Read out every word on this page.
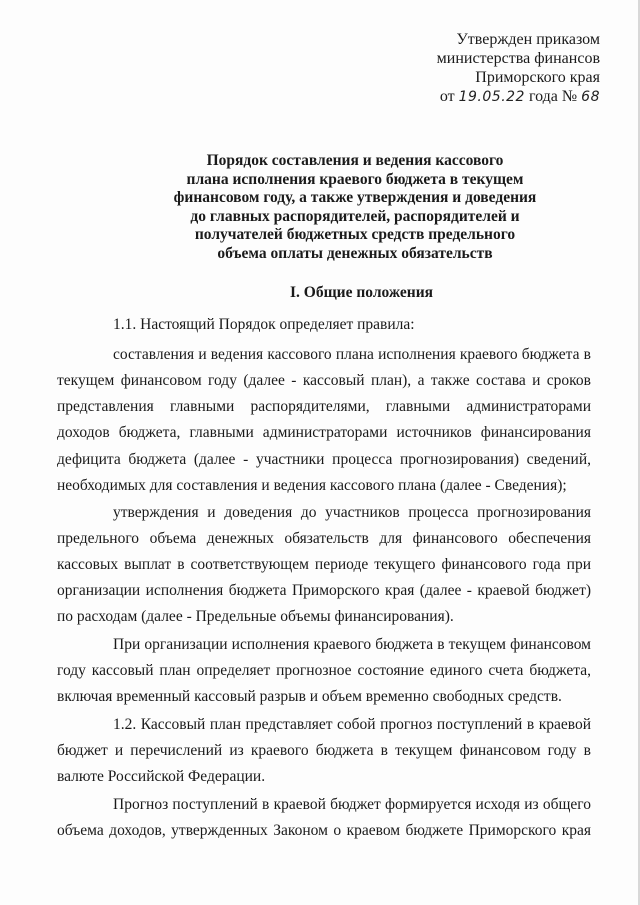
Утвержден приказом
министерства финансов
Приморского края
от 19.05.22 года № 68
Порядок составления и ведения кассового
плана исполнения краевого бюджета в текущем
финансовом году, а также утверждения и доведения
до главных распорядителей, распорядителей и
получателей бюджетных средств предельного
объема оплаты денежных обязательств
I. Общие положения
1.1. Настоящий Порядок определяет правила:
составления и ведения кассового плана исполнения краевого бюджета в
текущем финансовом году (далее - кассовый план), а также состава и сроков
представления главными распорядителями, главными администраторами
доходов бюджета, главными администраторами источников финансирования
дефицита бюджета (далее - участники процесса прогнозирования) сведений,
необходимых для составления и ведения кассового плана (далее - Сведения);
утверждения и доведения до участников процесса прогнозирования
предельного объема денежных обязательств для финансового обеспечения
кассовых выплат в соответствующем периоде текущего финансового года при
организации исполнения бюджета Приморского края (далее - краевой бюджет)
по расходам (далее - Предельные объемы финансирования).
При организации исполнения краевого бюджета в текущем финансовом
году кассовый план определяет прогнозное состояние единого счета бюджета,
включая временный кассовый разрыв и объем временно свободных средств.
1.2. Кассовый план представляет собой прогноз поступлений в краевой
бюджет и перечислений из краевого бюджета в текущем финансовом году в
валюте Российской Федерации.
Прогноз поступлений в краевой бюджет формируется исходя из общего
объема доходов, утвержденных Законом о краевом бюджете Приморского края
